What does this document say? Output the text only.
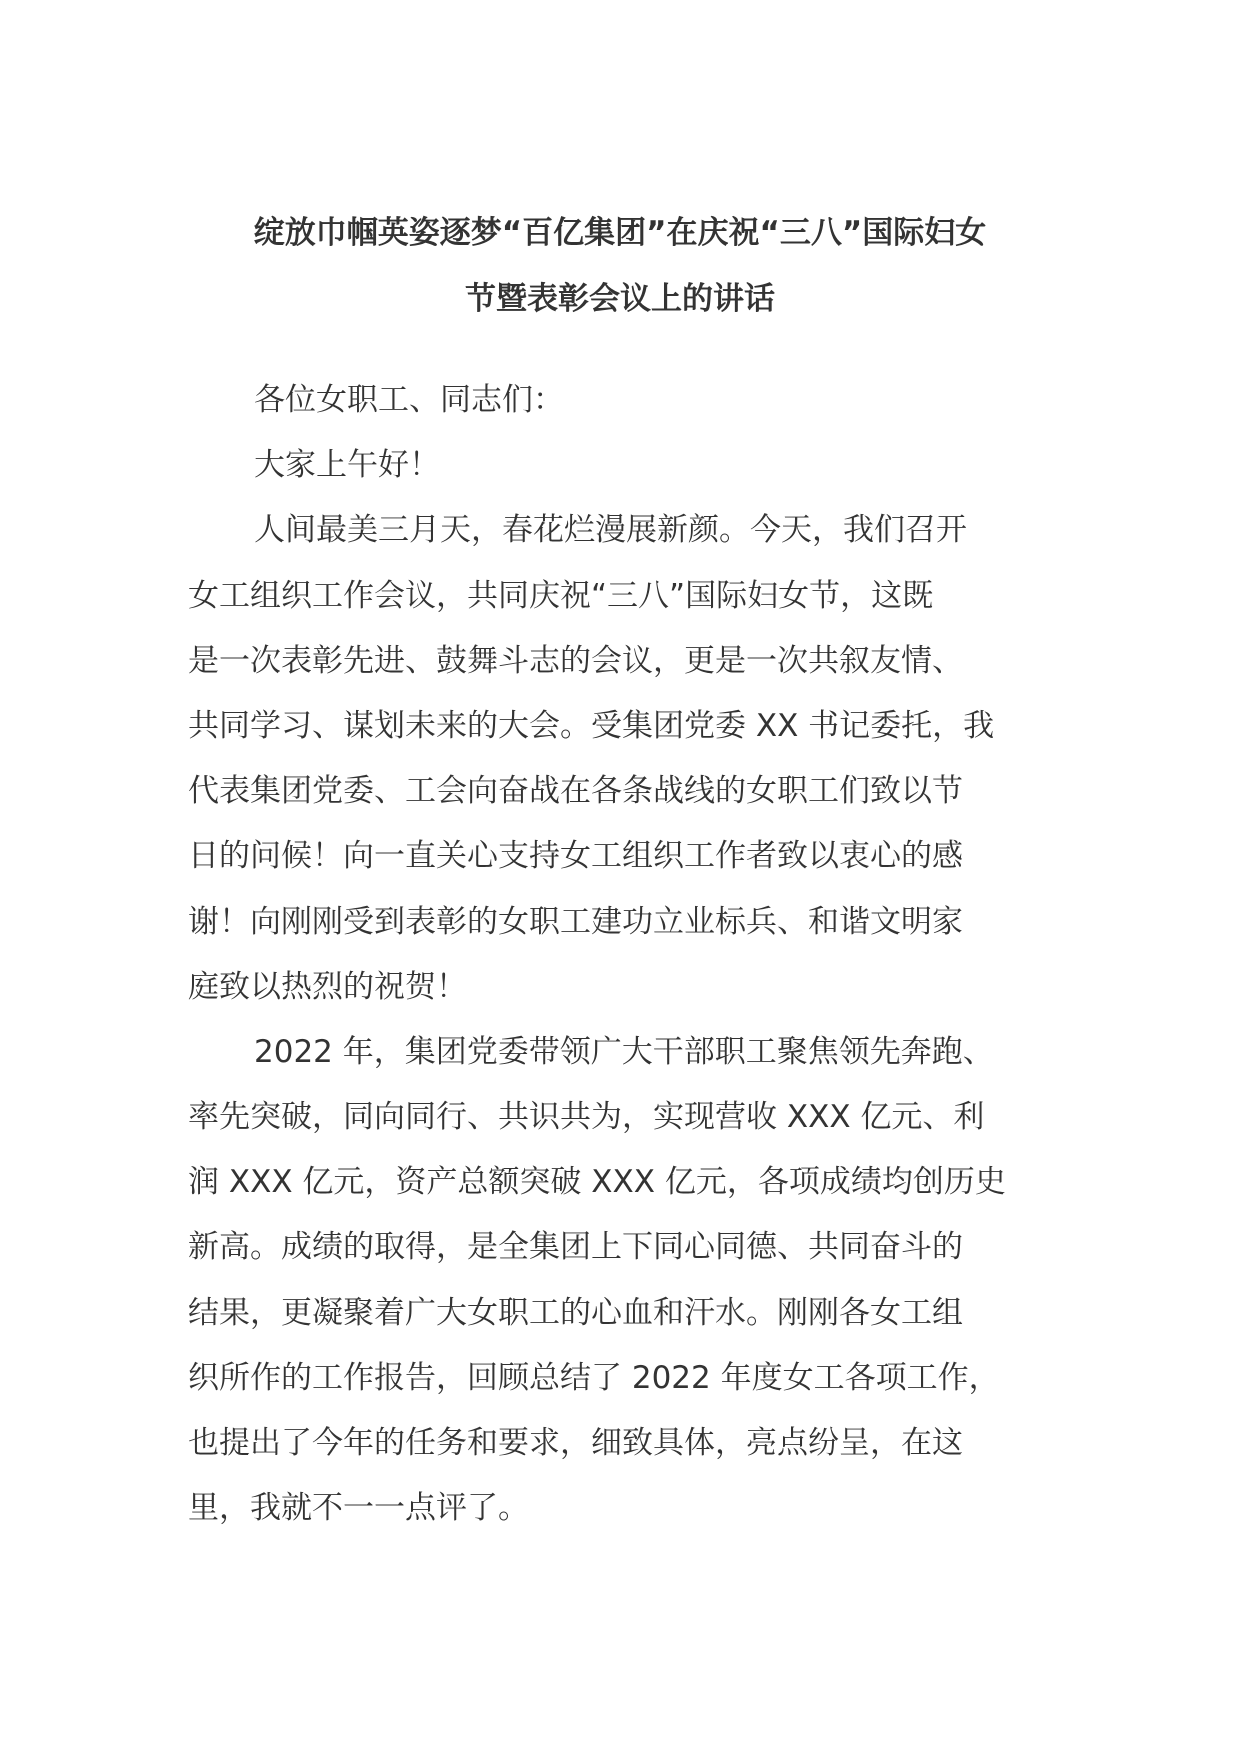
绽放巾帼英姿逐梦“百亿集团”在庆祝“三八”国际妇女
节暨表彰会议上的讲话
各位女职工、同志们：
大家上午好！
人间最美三月天，春花烂漫展新颜。今天，我们召开
女工组织工作会议，共同庆祝“三八”国际妇女节，这既
是一次表彰先进、鼓舞斗志的会议，更是一次共叙友情、
共同学习、谋划未来的大会。受集团党委 XX 书记委托，我
代表集团党委、工会向奋战在各条战线的女职工们致以节
日的问候！向一直关心支持女工组织工作者致以衷心的感
谢！向刚刚受到表彰的女职工建功立业标兵、和谐文明家
庭致以热烈的祝贺！
2022 年，集团党委带领广大干部职工聚焦领先奔跑、
率先突破，同向同行、共识共为，实现营收 XXX 亿元、利
润 XXX 亿元，资产总额突破 XXX 亿元，各项成绩均创历史
新高。成绩的取得，是全集团上下同心同德、共同奋斗的
结果，更凝聚着广大女职工的心血和汗水。刚刚各女工组
织所作的工作报告，回顾总结了 2022 年度女工各项工作，
也提出了今年的任务和要求，细致具体，亮点纷呈，在这
里，我就不一一点评了。
